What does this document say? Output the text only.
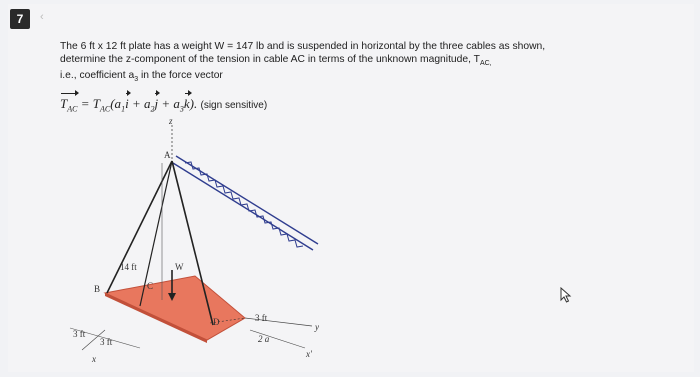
7	‹

The 6 ft x 12 ft plate has a weight W = 147 lb and is suspended in horizontal by the three cables as shown,

determine the z-component of the tension in cable AC in terms of the unknown magnitude, $T_{AC,}$

i.e., coefficient $a_3$ in the force vector

$T_{AC} = T_{AC}(a_1i + a_2j + a_3k)$. (sign sensitive)
z
A
W
C
B
D
14 ft
3 ft
3 ft
3 ft
2 a
x	x'
y
